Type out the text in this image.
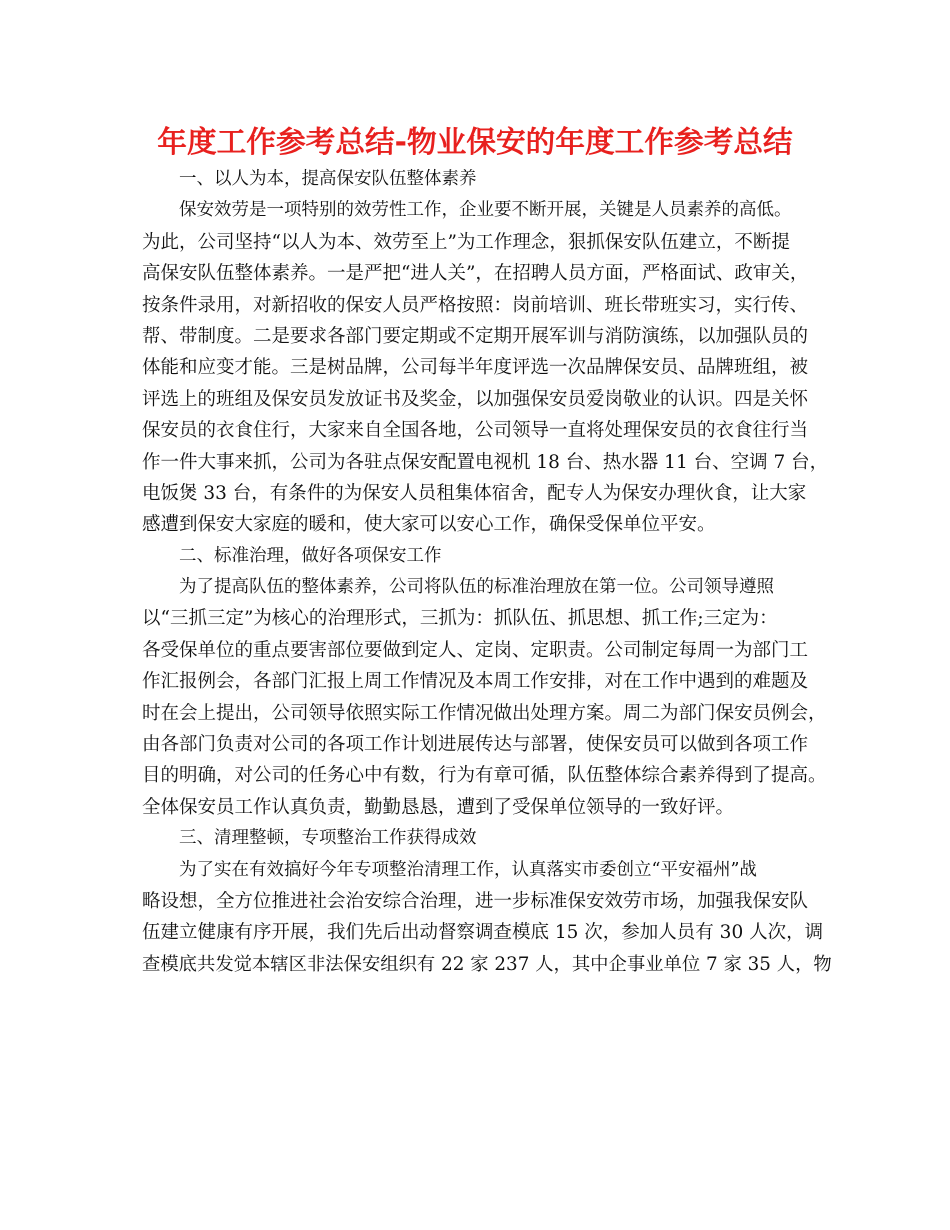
年度工作参考总结-物业保安的年度工作参考总结
一、以人为本，提高保安队伍整体素养
保安效劳是一项特别的效劳性工作，企业要不断开展，关键是人员素养的高低。
为此，公司坚持“以人为本、效劳至上”为工作理念，狠抓保安队伍建立，不断提
高保安队伍整体素养。一是严把“进人关”，在招聘人员方面，严格面试、政审关，
按条件录用，对新招收的保安人员严格按照：岗前培训、班长带班实习，实行传、
帮、带制度。二是要求各部门要定期或不定期开展军训与消防演练，以加强队员的
体能和应变才能。三是树品牌，公司每半年度评选一次品牌保安员、品牌班组，被
评选上的班组及保安员发放证书及奖金，以加强保安员爱岗敬业的认识。四是关怀
保安员的衣食住行，大家来自全国各地，公司领导一直将处理保安员的衣食往行当
作一件大事来抓，公司为各驻点保安配置电视机 18 台、热水器 11 台、空调 7 台，
电饭煲 33 台，有条件的为保安人员租集体宿舍，配专人为保安办理伙食，让大家
感遭到保安大家庭的暖和，使大家可以安心工作，确保受保单位平安。
二、标准治理，做好各项保安工作
为了提高队伍的整体素养，公司将队伍的标准治理放在第一位。公司领导遵照
以“三抓三定”为核心的治理形式，三抓为：抓队伍、抓思想、抓工作;三定为：
各受保单位的重点要害部位要做到定人、定岗、定职责。公司制定每周一为部门工
作汇报例会，各部门汇报上周工作情况及本周工作安排，对在工作中遇到的难题及
时在会上提出，公司领导依照实际工作情况做出处理方案。周二为部门保安员例会，
由各部门负责对公司的各项工作计划进展传达与部署，使保安员可以做到各项工作
目的明确，对公司的任务心中有数，行为有章可循，队伍整体综合素养得到了提高。
全体保安员工作认真负责，勤勤恳恳，遭到了受保单位领导的一致好评。
三、清理整顿，专项整治工作获得成效
为了实在有效搞好今年专项整治清理工作，认真落实市委创立“平安福州”战
略设想，全方位推进社会治安综合治理，进一步标准保安效劳市场，加强我保安队
伍建立健康有序开展，我们先后出动督察调查模底 15 次，参加人员有 30 人次，调
查模底共发觉本辖区非法保安组织有 22 家 237 人，其中企事业单位 7 家 35 人，物
